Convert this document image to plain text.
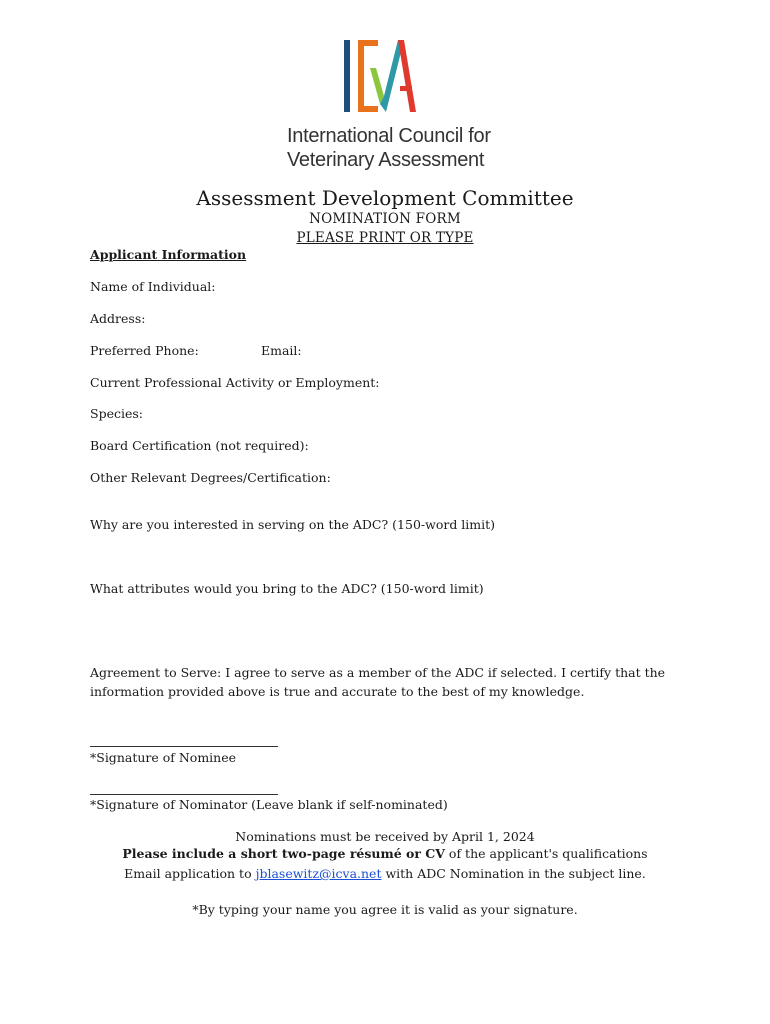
International Council for
Veterinary Assessment
Assessment Development Committee
NOMINATION FORM
PLEASE PRINT OR TYPE
Applicant Information
Name of Individual:
Address:
Preferred Phone:	Email:
Current Professional Activity or Employment:
Species:
Board Certification (not required):
Other Relevant Degrees/Certification:
Why are you interested in serving on the ADC? (150-word limit)
What attributes would you bring to the ADC? (150-word limit)
Agreement to Serve: I agree to serve as a member of the ADC if selected. I certify that the information provided above is true and accurate to the best of my knowledge.
*Signature of Nominee
*Signature of Nominator (Leave blank if self-nominated)
Nominations must be received by April 1, 2024
Please include a short two-page résumé or CV of the applicant's qualifications
Email application to jblasewitz@icva.net with ADC Nomination in the subject line.
*By typing your name you agree it is valid as your signature.
